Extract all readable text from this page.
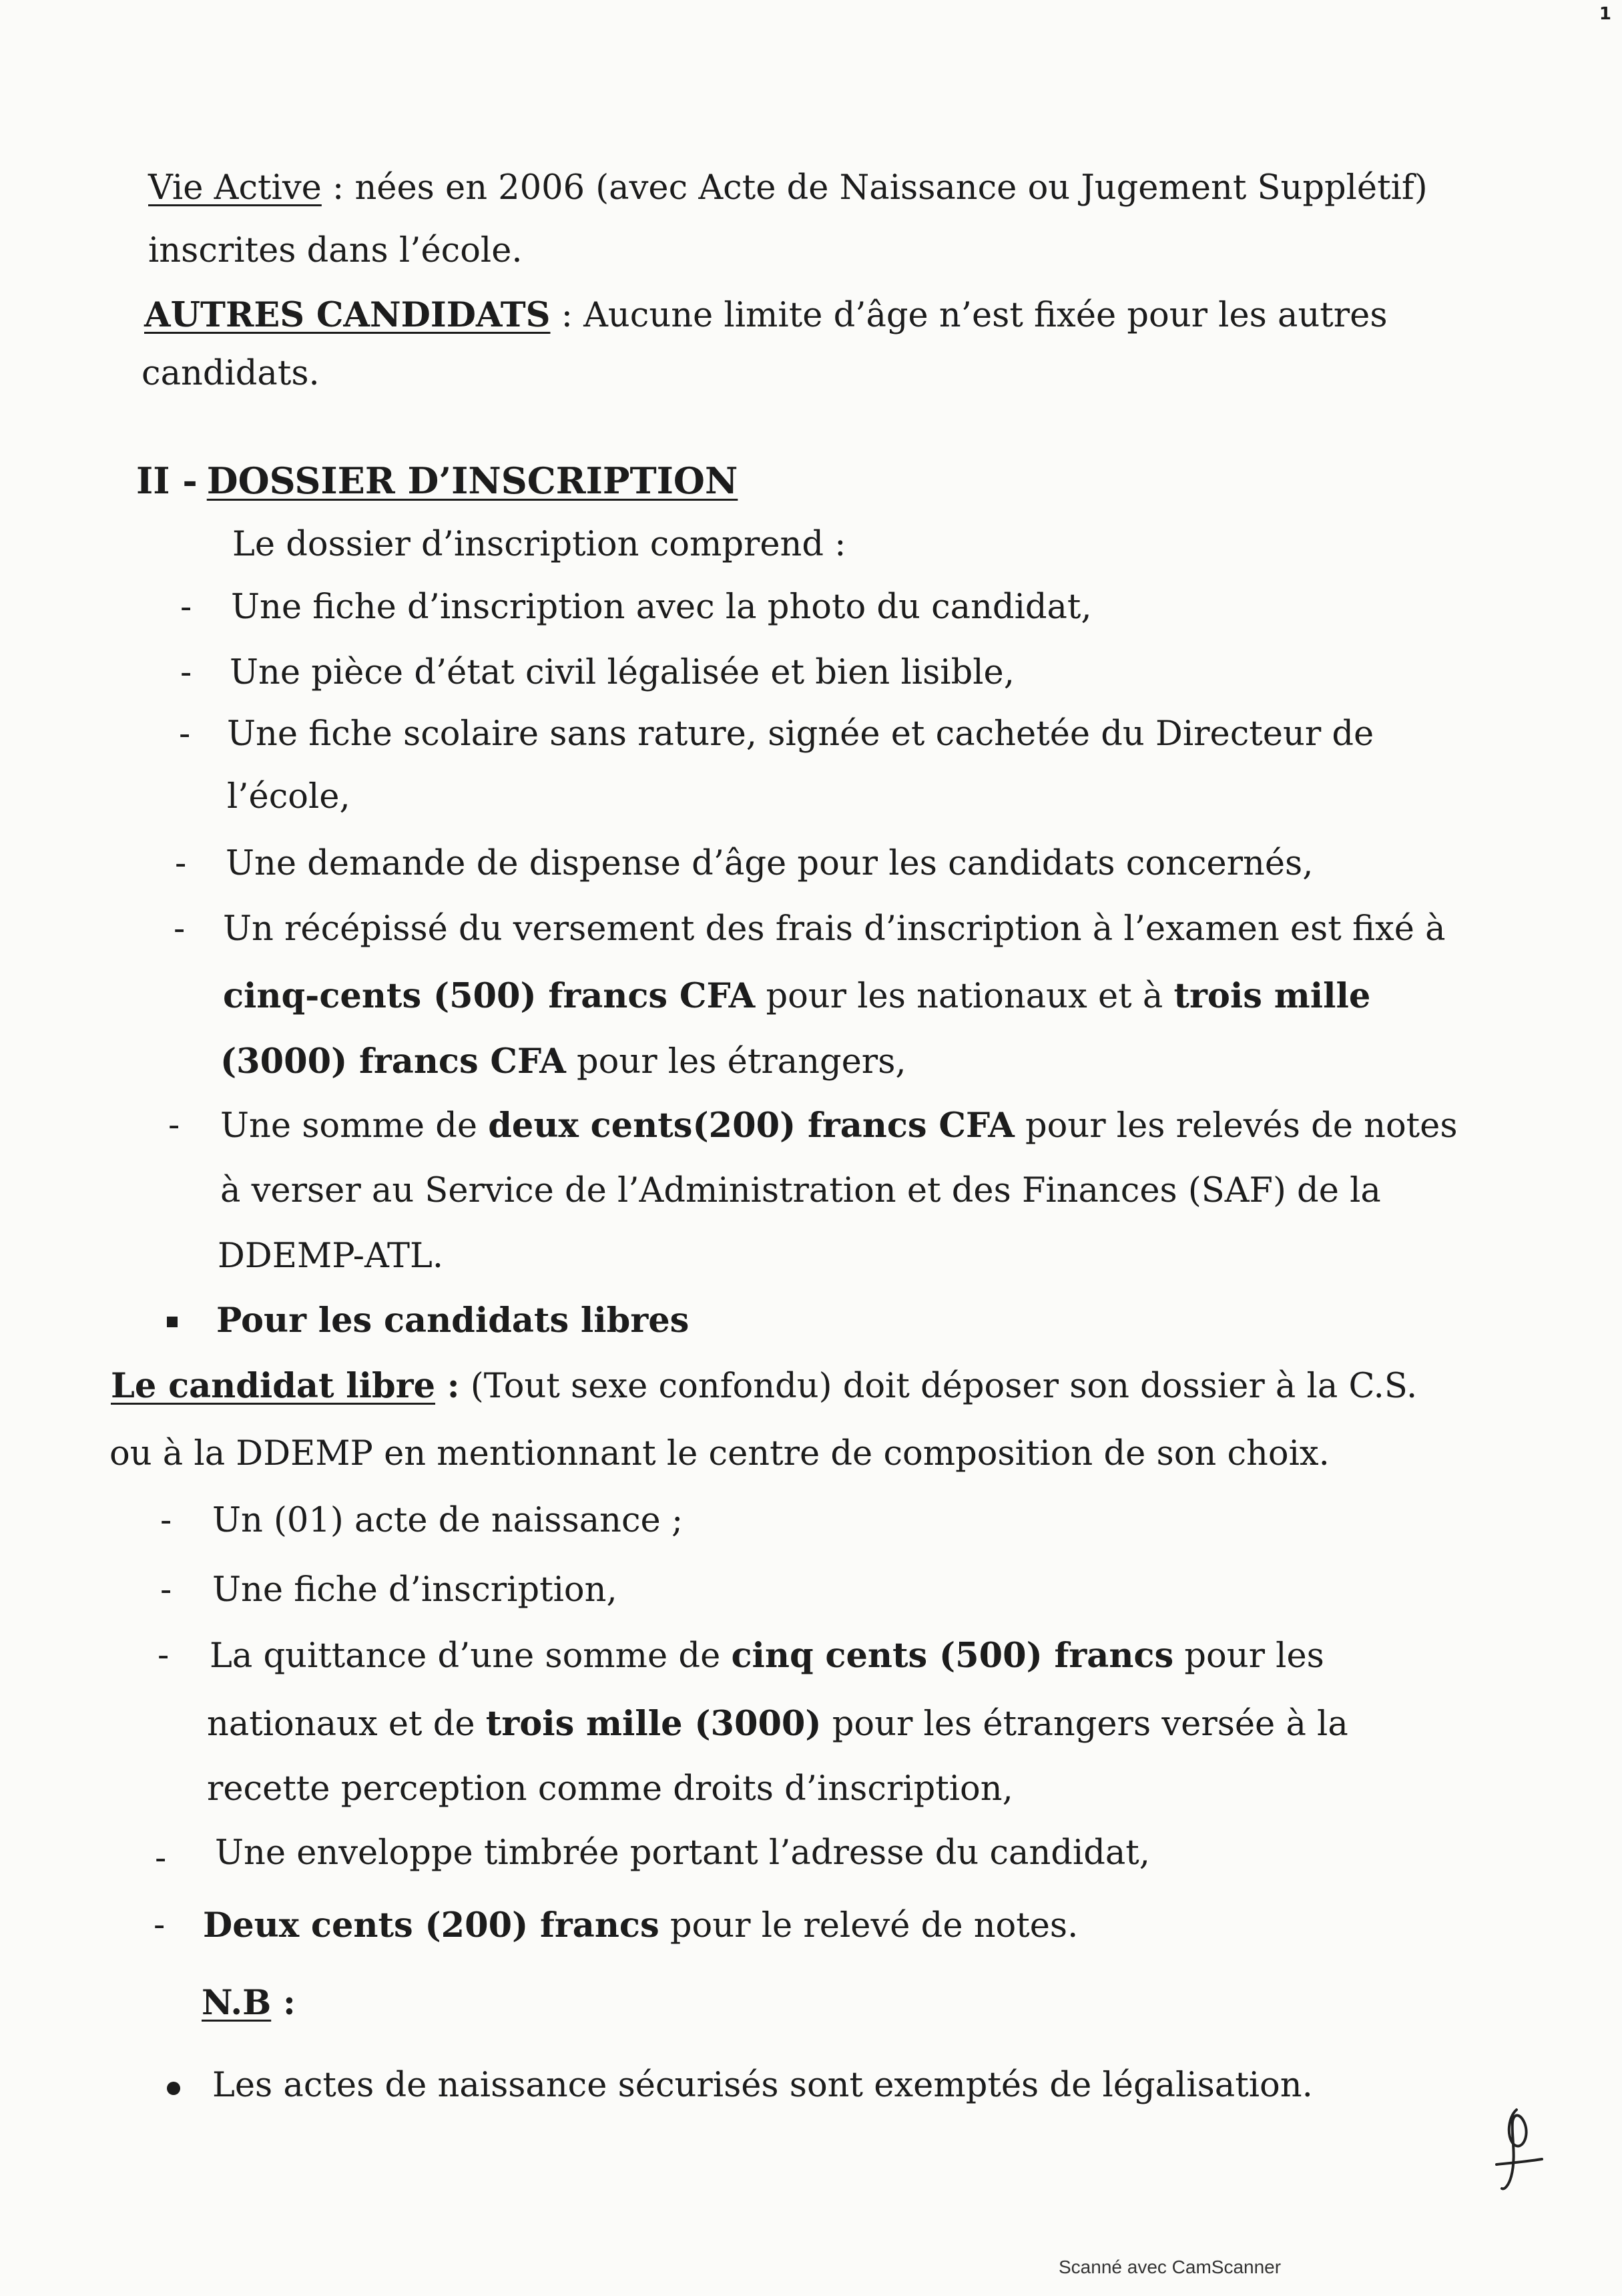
1
Vie Active : nées en 2006 (avec Acte de Naissance ou Jugement Supplétif)
inscrites dans l’école.
AUTRES CANDIDATS : Aucune limite d’âge n’est fixée pour les autres
candidats.
II - DOSSIER D’INSCRIPTION
Le dossier d’inscription comprend :
- Une fiche d’inscription avec la photo du candidat,
- Une pièce d’état civil légalisée et bien lisible,
- Une fiche scolaire sans rature, signée et cachetée du Directeur de
l’école,
- Une demande de dispense d’âge pour les candidats concernés,
- Un récépissé du versement des frais d’inscription à l’examen est fixé à
cinq-cents (500) francs CFA pour les nationaux et à trois mille
(3000) francs CFA pour les étrangers,
- Une somme de deux cents(200) francs CFA pour les relevés de notes
à verser au Service de l’Administration et des Finances (SAF) de la
DDEMP-ATL.
Pour les candidats libres
Le candidat libre : (Tout sexe confondu) doit déposer son dossier à la C.S.
ou à la DDEMP en mentionnant le centre de composition de son choix.
- Un (01) acte de naissance ;
- Une fiche d’inscription,
- La quittance d’une somme de cinq cents (500) francs pour les
nationaux et de trois mille (3000) pour les étrangers versée à la
recette perception comme droits d’inscription,
- Une enveloppe timbrée portant l’adresse du candidat,
- Deux cents (200) francs pour le relevé de notes.
N.B :
Les actes de naissance sécurisés sont exemptés de légalisation.
Scanné avec CamScanner
